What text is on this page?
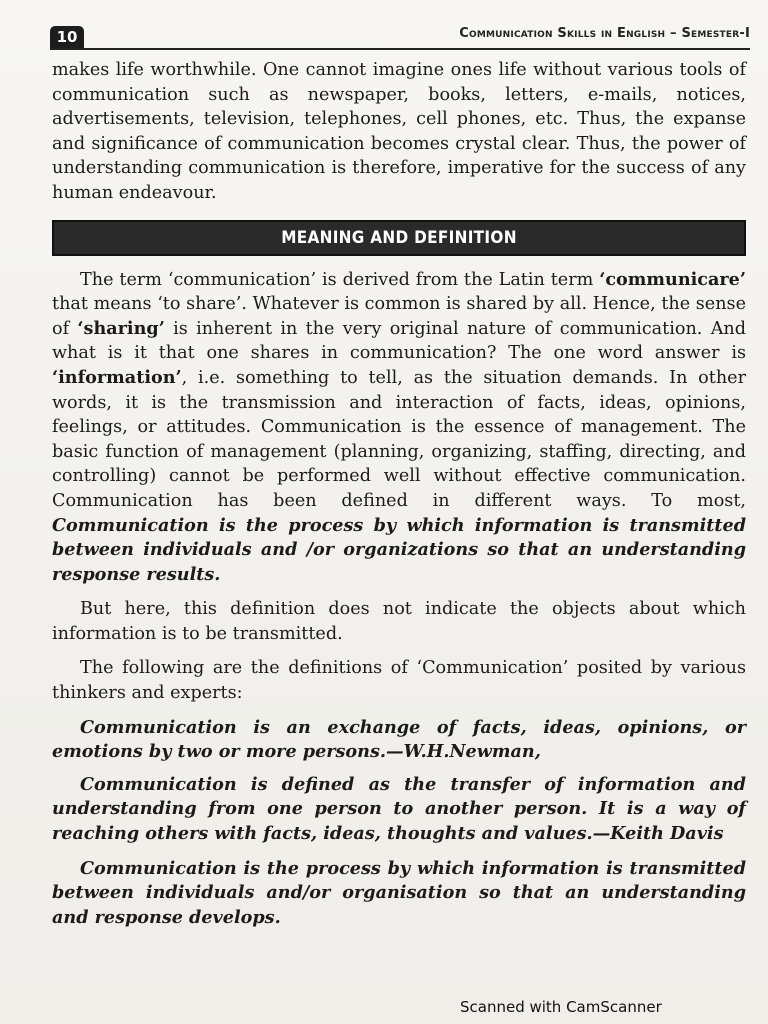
10	Communication Skills in English – Semester-I

makes life worthwhile. One cannot imagine ones life without various tools of communication such as newspaper, books, letters, e-mails, notices, advertisements, television, telephones, cell phones, etc. Thus, the expanse and significance of communication becomes crystal clear. Thus, the power of understanding communication is therefore, imperative for the success of any human endeavour.

MEANING AND DEFINITION

The term ‘communication’ is derived from the Latin term ‘communicare’ that means ‘to share’. Whatever is common is shared by all. Hence, the sense of ‘sharing’ is inherent in the very original nature of communication. And what is it that one shares in communication? The one word answer is ‘information’, i.e. something to tell, as the situation demands. In other words, it is the transmission and interaction of facts, ideas, opinions, feelings, or attitudes. Communication is the essence of management. The basic function of management (planning, organizing, staffing, directing, and controlling) cannot be performed well without effective communication. Communication has been defined in different ways. To most, Communication is the process by which information is transmitted between individuals and /or organizations so that an understanding response results.

But here, this definition does not indicate the objects about which information is to be transmitted.

The following are the definitions of ‘Communication’ posited by various thinkers and experts:

Communication is an exchange of facts, ideas, opinions, or emotions by two or more persons.—W.H.Newman,

Communication is defined as the transfer of information and understanding from one person to another person. It is a way of reaching others with facts, ideas, thoughts and values.—Keith Davis

Communication is the process by which information is transmitted between individuals and/or organisation so that an understanding and response develops.

Scanned with CamScanner
